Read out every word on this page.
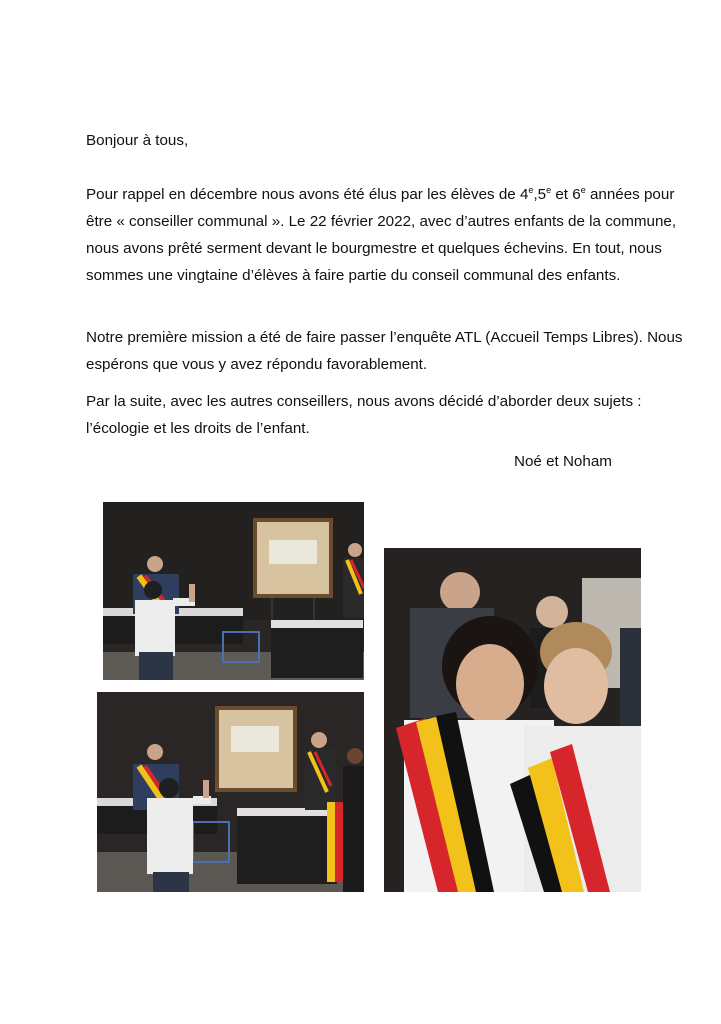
Bonjour à tous,

Pour rappel en décembre nous avons été élus par les élèves de 4e,5e et 6e années pour être « conseiller communal ». Le 22 février 2022, avec d’autres enfants de la commune, nous avons prêté serment devant le bourgmestre et quelques échevins. En tout, nous sommes une vingtaine d’élèves à faire partie du conseil communal des enfants.

Notre première mission a été de faire passer l’enquête ATL (Accueil Temps Libres). Nous espérons que vous y avez répondu favorablement.

Par la suite, avec les autres conseillers, nous avons décidé d’aborder deux sujets : l’écologie et les droits de l’enfant.

Noé et Noham
